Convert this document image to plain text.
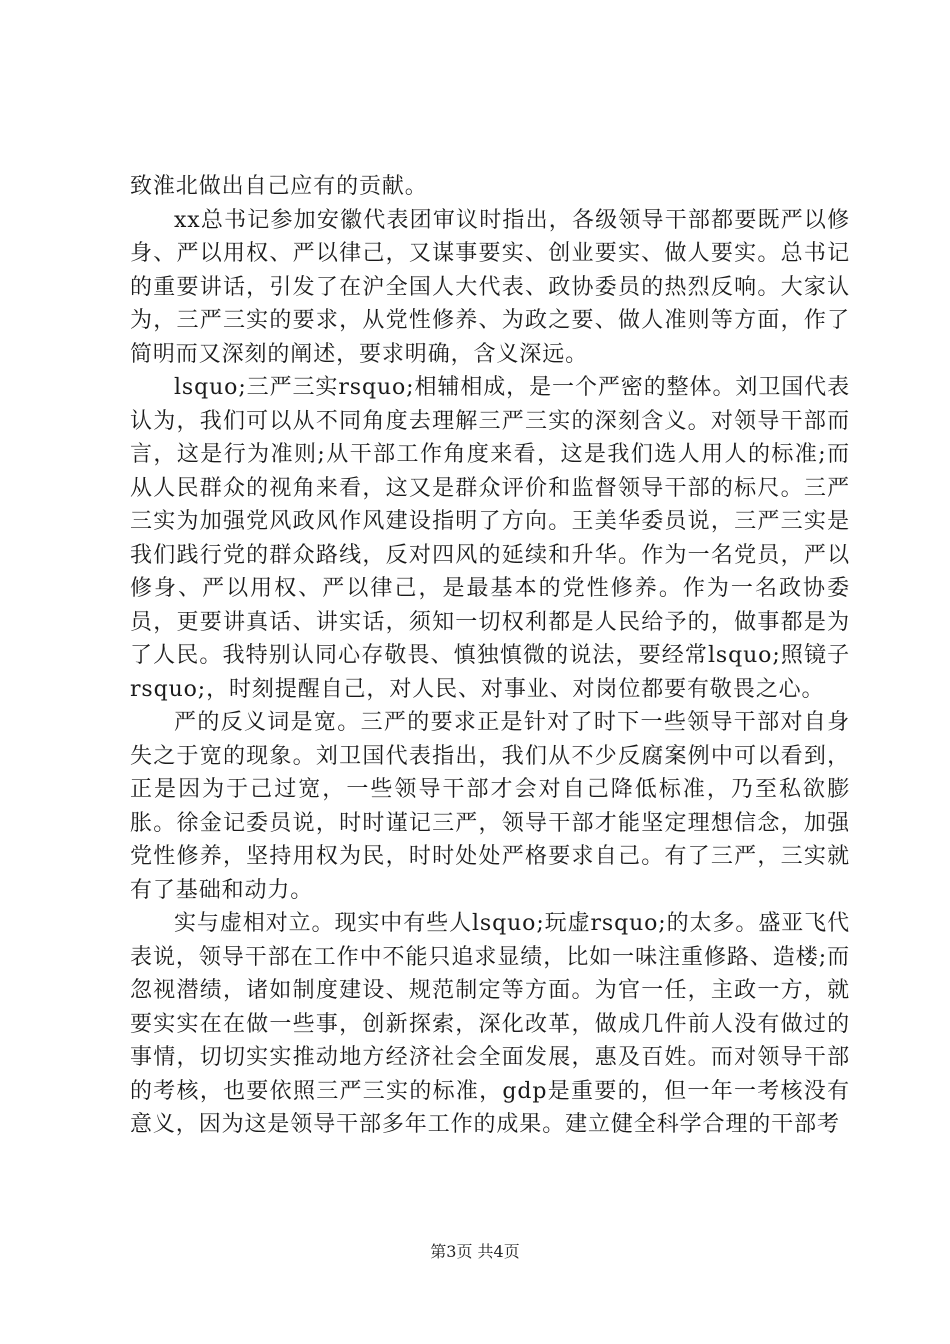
致淮北做出自己应有的贡献。

xx总书记参加安徽代表团审议时指出，各级领导干部都要既严以修身、严以用权、严以律己，又谋事要实、创业要实、做人要实。总书记的重要讲话，引发了在沪全国人大代表、政协委员的热烈反响。大家认为，三严三实的要求，从党性修养、为政之要、做人准则等方面，作了简明而又深刻的阐述，要求明确，含义深远。

lsquo;三严三实rsquo;相辅相成，是一个严密的整体。刘卫国代表认为，我们可以从不同角度去理解三严三实的深刻含义。对领导干部而言，这是行为准则;从干部工作角度来看，这是我们选人用人的标准;而从人民群众的视角来看，这又是群众评价和监督领导干部的标尺。三严三实为加强党风政风作风建设指明了方向。王美华委员说，三严三实是我们践行党的群众路线，反对四风的延续和升华。作为一名党员，严以修身、严以用权、严以律己，是最基本的党性修养。作为一名政协委员，更要讲真话、讲实话，须知一切权利都是人民给予的，做事都是为了人民。我特别认同心存敬畏、慎独慎微的说法，要经常lsquo;照镜子rsquo;，时刻提醒自己，对人民、对事业、对岗位都要有敬畏之心。

严的反义词是宽。三严的要求正是针对了时下一些领导干部对自身失之于宽的现象。刘卫国代表指出，我们从不少反腐案例中可以看到，正是因为于己过宽，一些领导干部才会对自己降低标准，乃至私欲膨胀。徐金记委员说，时时谨记三严，领导干部才能坚定理想信念，加强党性修养，坚持用权为民，时时处处严格要求自己。有了三严，三实就有了基础和动力。

实与虚相对立。现实中有些人lsquo;玩虚rsquo;的太多。盛亚飞代表说，领导干部在工作中不能只追求显绩，比如一味注重修路、造楼;而忽视潜绩，诸如制度建设、规范制定等方面。为官一任，主政一方，就要实实在在做一些事，创新探索，深化改革，做成几件前人没有做过的事情，切切实实推动地方经济社会全面发展，惠及百姓。而对领导干部的考核，也要依照三严三实的标准，gdp是重要的，但一年一考核没有意义，因为这是领导干部多年工作的成果。建立健全科学合理的干部考

第3页 共4页
